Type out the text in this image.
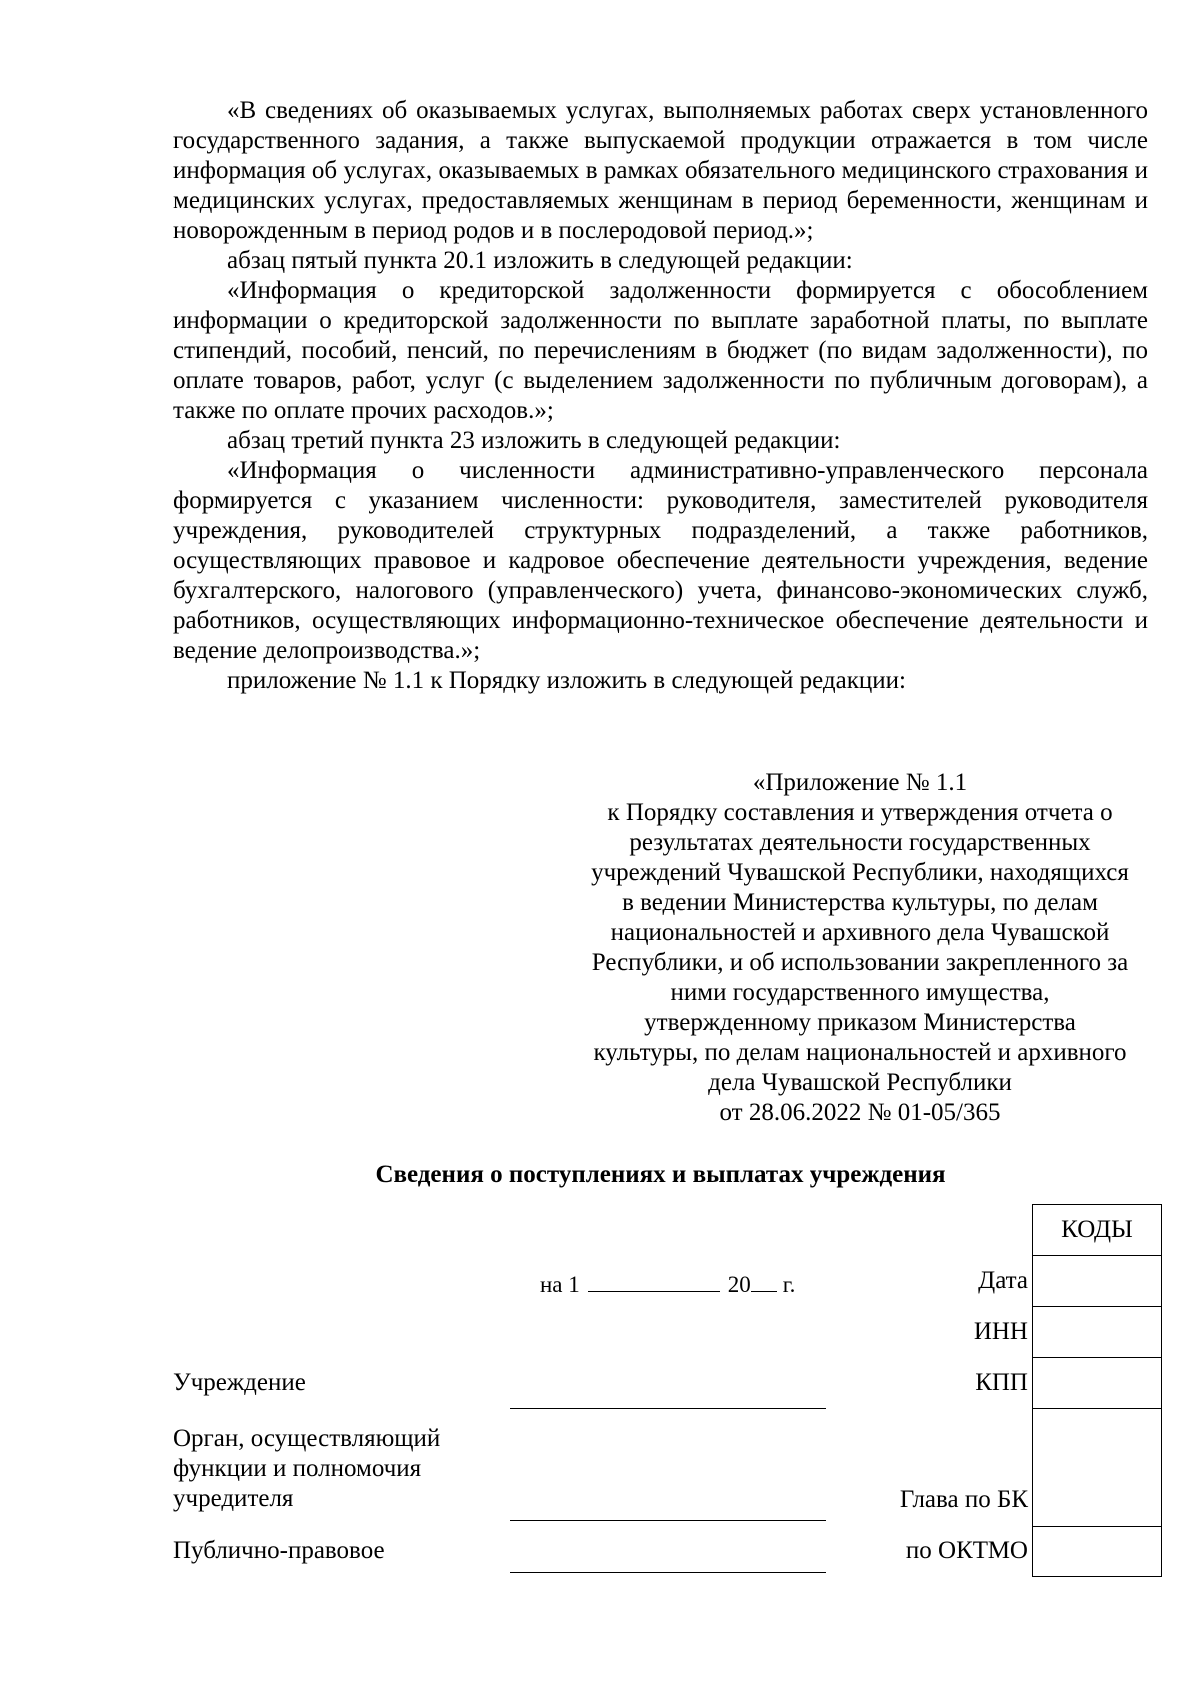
«В сведениях об оказываемых услугах, выполняемых работах сверх установленного государственного задания, а также выпускаемой продукции отражается в том числе информация об услугах, оказываемых в рамках обязательного медицинского страхования и медицинских услугах, предоставляемых женщинам в период беременности, женщинам и новорожденным в период родов и в послеродовой период.»;

абзац пятый пункта 20.1 изложить в следующей редакции:

«Информация о кредиторской задолженности формируется с обособлением информации о кредиторской задолженности по выплате заработной платы, по выплате стипендий, пособий, пенсий, по перечислениям в бюджет (по видам задолженности), по оплате товаров, работ, услуг (с выделением задолженности по публичным договорам), а также по оплате прочих расходов.»;

абзац третий пункта 23 изложить в следующей редакции:

«Информация о численности административно-управленческого персонала формируется с указанием численности: руководителя, заместителей руководителя учреждения, руководителей структурных подразделений, а также работников, осуществляющих правовое и кадровое обеспечение деятельности учреждения, ведение бухгалтерского, налогового (управленческого) учета, финансово-экономических служб, работников, осуществляющих информационно-техническое обеспечение деятельности и ведение делопроизводства.»;

приложение № 1.1 к Порядку изложить в следующей редакции:

«Приложение № 1.1
к Порядку составления и утверждения отчета о
результатах деятельности государственных
учреждений Чувашской Республики, находящихся
в ведении Министерства культуры, по делам
национальностей и архивного дела Чувашской
Республики, и об использовании закрепленного за
ними государственного имущества,
утвержденному приказом Министерства
культуры, по делам национальностей и архивного
дела Чувашской Республики
от 28.06.2022 № 01-05/365
Сведения о поступлениях и выплатах учреждения
на 1	20 г.	Дата
ИНН
КПП
Глава по БК
по ОКТМО
Учреждение
Орган, осуществляющий
функции и полномочия
учредителя
Публично-правовое
КОДЫ
